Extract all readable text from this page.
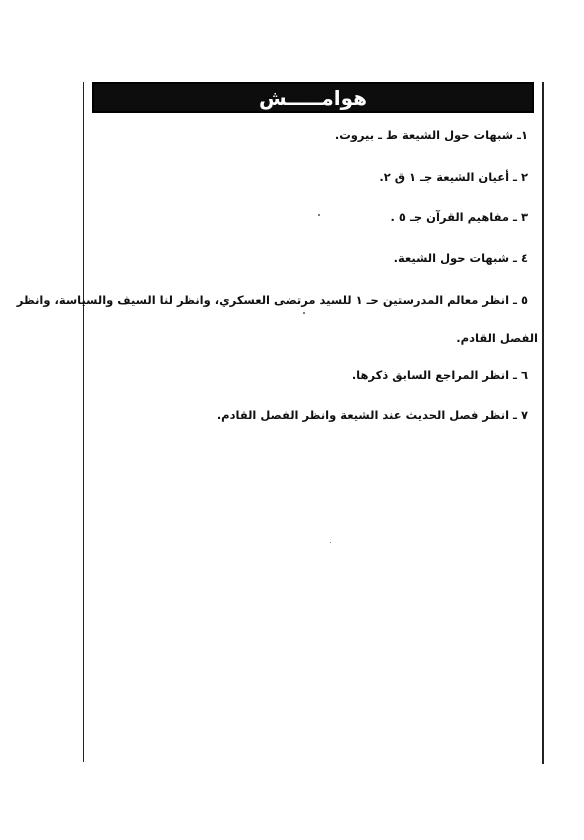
هوامـــــش
١ـ شبهات حول الشيعة ط ـ بيروت.
٢ ـ أعيان الشيعة جـ ١ ق ٢.
٣ ـ مفاهيم القرآن جـ ٥ .
٤ ـ شبهات حول الشيعة.
٥ ـ انظر معالم المدرستين حـ ١ للسيد مرتضى العسكري، وانظر لنا السيف والسياسة، وانظر
الفصل القادم.
٦ ـ انظر المراجع السابق ذكرها.
٧ ـ انظر فصل الحديث عند الشيعة وانظر الفصل القادم.
